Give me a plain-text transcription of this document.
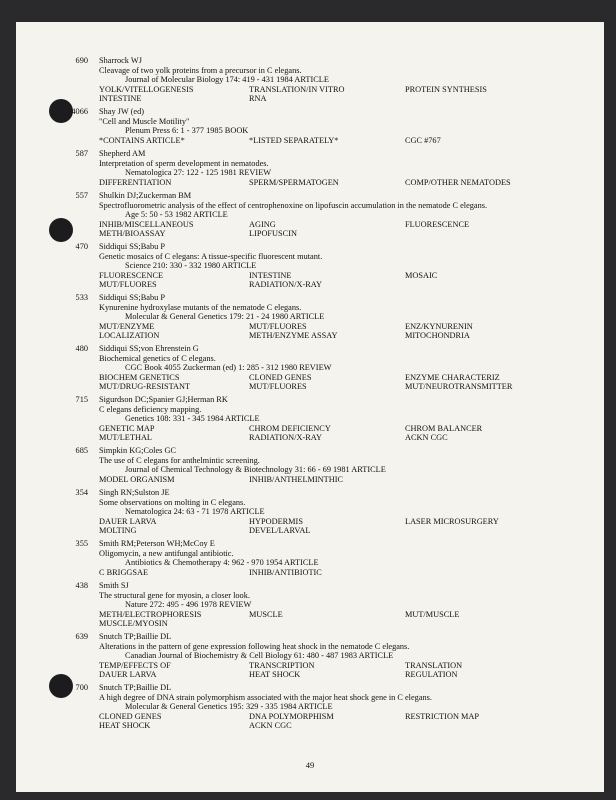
690 Sharrock WJ
Cleavage of two yolk proteins from a precursor in C elegans.
Journal of Molecular Biology 174: 419 - 431 1984 ARTICLE
YOLK/VITELLOGENESIS	TRANSLATION/IN VITRO	PROTEIN SYNTHESIS
INTESTINE	RNA
4066 Shay JW (ed)
"Cell and Muscle Motility"
Plenum Press 6: 1 - 377 1985 BOOK
*CONTAINS ARTICLE*	*LISTED SEPARATELY*	CGC #767
587 Shepherd AM
Interpretation of sperm development in nematodes.
Nematologica 27: 122 - 125 1981 REVIEW
DIFFERENTIATION	SPERM/SPERMATOGEN	COMP/OTHER NEMATODES
557 Shulkin DJ;Zuckerman BM
Spectrofluorometric analysis of the effect of centrophenoxine on lipofuscin accumulation in the nematode C elegans.
Age 5: 50 - 53 1982 ARTICLE
INHIB/MISCELLANEOUS	AGING	FLUORESCENCE
METH/BIOASSAY	LIPOFUSCIN
470 Siddiqui SS;Babu P
Genetic mosaics of C elegans: A tissue-specific fluorescent mutant.
Science 210: 330 - 332 1980 ARTICLE
FLUORESCENCE	INTESTINE	MOSAIC
MUT/FLUORES	RADIATION/X-RAY
533 Siddiqui SS;Babu P
Kynurenine hydroxylase mutants of the nematode C elegans.
Molecular & General Genetics 179: 21 - 24 1980 ARTICLE
MUT/ENZYME	MUT/FLUORES	ENZ/KYNURENIN
LOCALIZATION	METH/ENZYME ASSAY	MITOCHONDRIA
480 Siddiqui SS;von Ehrenstein G
Biochemical genetics of C elegans.
CGC Book 4055 Zuckerman (ed) 1: 285 - 312 1980 REVIEW
BIOCHEM GENETICS	CLONED GENES	ENZYME CHARACTERIZ
MUT/DRUG-RESISTANT	MUT/FLUORES	MUT/NEUROTRANSMITTER
715 Sigurdson DC;Spanier GJ;Herman RK
C elegans deficiency mapping.
Genetics 108: 331 - 345 1984 ARTICLE
GENETIC MAP	CHROM DEFICIENCY	CHROM BALANCER
MUT/LETHAL	RADIATION/X-RAY	ACKN CGC
685 Simpkin KG;Coles GC
The use of C elegans for anthelmintic screening.
Journal of Chemical Technology & Biotechnology 31: 66 - 69 1981 ARTICLE
MODEL ORGANISM	INHIB/ANTHELMINTHIC
354 Singh RN;Sulston JE
Some observations on molting in C elegans.
Nematologica 24: 63 - 71 1978 ARTICLE
DAUER LARVA	HYPODERMIS	LASER MICROSURGERY
MOLTING	DEVEL/LARVAL
355 Smith RM;Peterson WH;McCoy E
Oligomycin, a new antifungal antibiotic.
Antibiotics & Chemotherapy 4: 962 - 970 1954 ARTICLE
C BRIGGSAE	INHIB/ANTIBIOTIC
438 Smith SJ
The structural gene for myosin, a closer look.
Nature 272: 495 - 496 1978 REVIEW
METH/ELECTROPHORESIS	MUSCLE	MUT/MUSCLE
MUSCLE/MYOSIN
639 Snutch TP;Baillie DL
Alterations in the pattern of gene expression following heat shock in the nematode C elegans.
Canadian Journal of Biochemistry & Cell Biology 61: 480 - 487 1983 ARTICLE
TEMP/EFFECTS OF	TRANSCRIPTION	TRANSLATION
DAUER LARVA	HEAT SHOCK	REGULATION
700 Snutch TP;Baillie DL
A high degree of DNA strain polymorphism associated with the major heat shock gene in C elegans.
Molecular & General Genetics 195: 329 - 335 1984 ARTICLE
CLONED GENES	DNA POLYMORPHISM	RESTRICTION MAP
HEAT SHOCK	ACKN CGC
49
